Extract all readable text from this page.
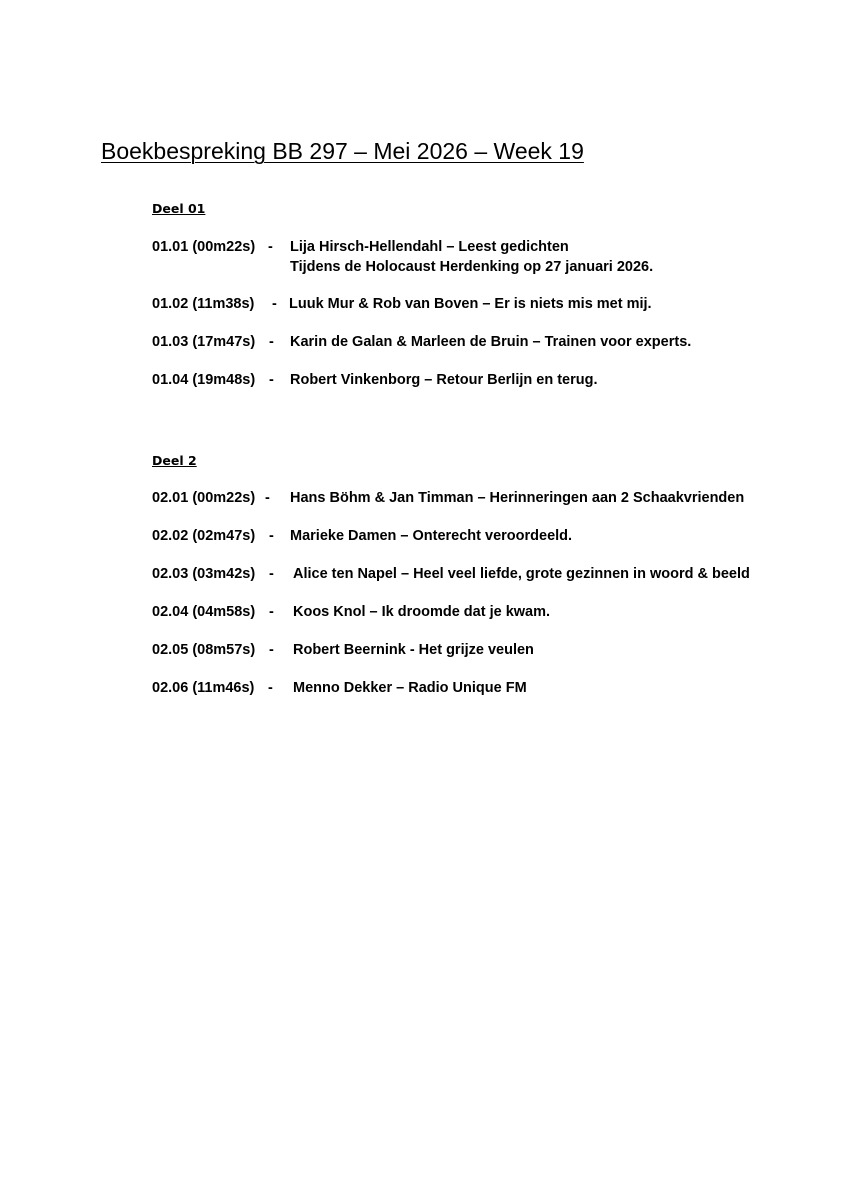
Boekbespreking BB 297 – Mei 2026 – Week 19
Deel 01
01.01 (00m22s) - Lija Hirsch-Hellendahl – Leest gedichten
Tijdens de Holocaust Herdenking op 27 januari 2026.
01.02 (11m38s) - Luuk Mur & Rob van Boven – Er is niets mis met mij.
01.03 (17m47s) - Karin de Galan & Marleen de Bruin – Trainen voor experts.
01.04 (19m48s) - Robert Vinkenborg – Retour Berlijn en terug.
Deel 2
02.01 (00m22s) - Hans Böhm & Jan Timman – Herinneringen aan 2 Schaakvrienden
02.02 (02m47s) - Marieke Damen – Onterecht veroordeeld.
02.03 (03m42s) - Alice ten Napel – Heel veel liefde, grote gezinnen in woord & beeld
02.04 (04m58s) - Koos Knol – Ik droomde dat je kwam.
02.05 (08m57s) - Robert Beernink - Het grijze veulen
02.06 (11m46s) - Menno Dekker – Radio Unique FM
